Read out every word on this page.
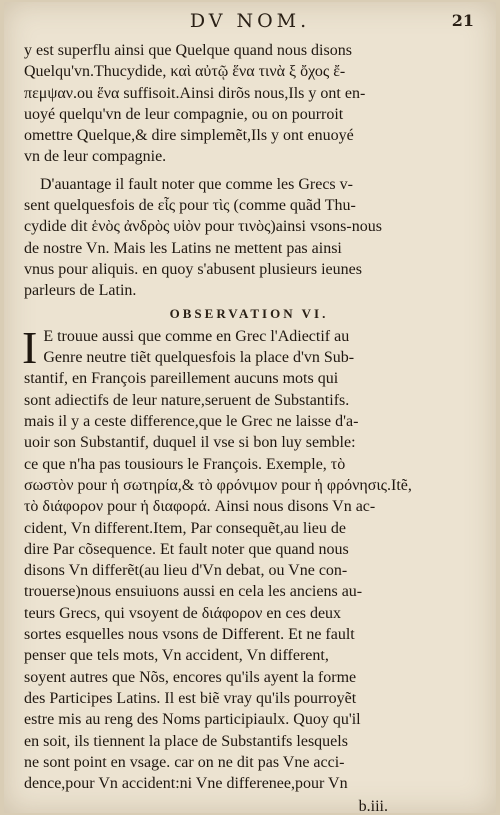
DV NOM.	21
y est superflu ainsi que Quelque quand nous disons
Quelqu'vn.Thucydide, καὶ αὐτῷ ἕνα τινὰ ξ ὄχος ἔ-
πεμψαν.ou ἕνα suffisoit.Ainsi dirõs nous,Ils y ont en-
uoyé quelqu'vn de leur compagnie, ou on pourroit
omettre Quelque,& dire simplemẽt,Ils y ont enuoyé
vn de leur compagnie.
D'auantage il fault noter que comme les Grecs v-
sent quelquesfois de εἷς pour τὶς (comme quãd Thu-
cydide dit ἑνὸς ἀνδρὸς υἱὸν pour τινὸς)ainsi vsons-nous
de nostre Vn. Mais les Latins ne mettent pas ainsi
vnus pour aliquis. en quoy s'abusent plusieurs ieunes
parleurs de Latin.
OBSERVATION VI.
I E trouue aussi que comme en Grec l'Adiectif au
Genre neutre tiẽt quelquesfois la place d'vn Sub-
stantif, en François pareillement aucuns mots qui
sont adiectifs de leur nature,seruent de Substantifs.
mais il y a ceste difference,que le Grec ne laisse d'a-
uoir son Substantif, duquel il vse si bon luy semble:
ce que n'ha pas tousiours le François. Exemple, τὸ
σωστὸν pour ἡ σωτηρία,& τὸ φρόνιμον pour ἡ φρόνησις.Itẽ,
τὸ διάφορον pour ἡ διαφορά. Ainsi nous disons Vn ac-
cident, Vn different.Item, Par consequẽt,au lieu de
dire Par cõsequence. Et fault noter que quand nous
disons Vn differẽt(au lieu d'Vn debat, ou Vne con-
trouerse)nous ensuiuons aussi en cela les anciens au-
teurs Grecs, qui vsoyent de διάφορον en ces deux
sortes esquelles nous vsons de Different. Et ne fault
penser que tels mots, Vn accident, Vn different,
soyent autres que Nõs, encores qu'ils ayent la forme
des Participes Latins. Il est biẽ vray qu'ils pourroyẽt
estre mis au reng des Noms participiaulx. Quoy qu'il
en soit, ils tiennent la place de Substantifs lesquels
ne sont point en vsage. car on ne dit pas Vne acci-
dence,pour Vn accident:ni Vne differenee,pour Vn
b.iii.
